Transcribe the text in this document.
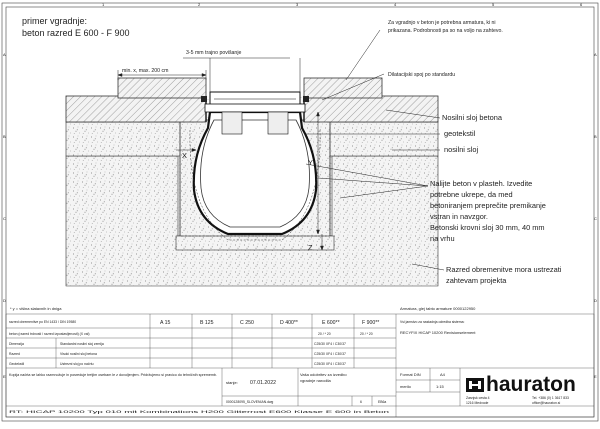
1	2	3	4	5	6
A
B
C
D
E
A
B
C
D
E
primer vgradnje:
beton razred E 600 - F 900
min. x, max. 200 cm
3-5 mm trajno povišanje
X
Y
Z
Za vgradnjo v beton je potrebna armatura, ki ni
prikazana. Podrobnosti pa so na voljo na zahtevo.
Dilatacijski spoj po standardu
Nosilni sloj betona
geotekstil
nosilni sloj
Nalijte beton v plasteh. Izvedite
potrebne ukrepe, da med
betoniranjem preprečite premikanje
vstran in navzgor.
Betonski krovni sloj 30 mm, 40 mm
na vrhu
Razred obremenitve mora ustrezati
zahtevam projekta
* y = višina slatavnih in dniga	Armatura, glej tabto armature 0000122950
razred obremenitve po EN 1433 / DIN 19580
beton (razred trdnosti / razred izpostavljenosti) (X val)
A 15	B 125	C 250	D 400**	E 600**	F 900**
20 / * 20	20 / * 20
Dimenzija	Standardni nosilni sloj zemlja	C25/30 XF4 / C30/37
Razred	Visoki nosilni sloj betona	C25/30 XF4 / C30/37
Geotekstil	Ustrezni sloj po načrtu	C25/30 XF4 / C30/37
Kopija načrta se lahko razmnožuje in posreduje tretjim osebam le z dovoljenjem. Pridržujemo si pravico do tehničnih sprememb.	Vaša odobritev za izvedbo
vgradnje narodila
stanje: 07.01.2022
0000128095_SLOVENIAN.dwg	6	EB6a
Vsi jamstvo za nastadnja odredba sistema:
RECYFIX HICAP 10200 Revisionselement
Format DIN	A4
merilo	1:15 hauraton
Zasnjsk cesta 4
1216 Medvode
Tel. +386 (0) 1 3617 833
office@hauraton.si
RT: HICAP 10200 Typ 010 mit Kombinations H200 Gitterrost E600 Klasse E 600 in Beton
